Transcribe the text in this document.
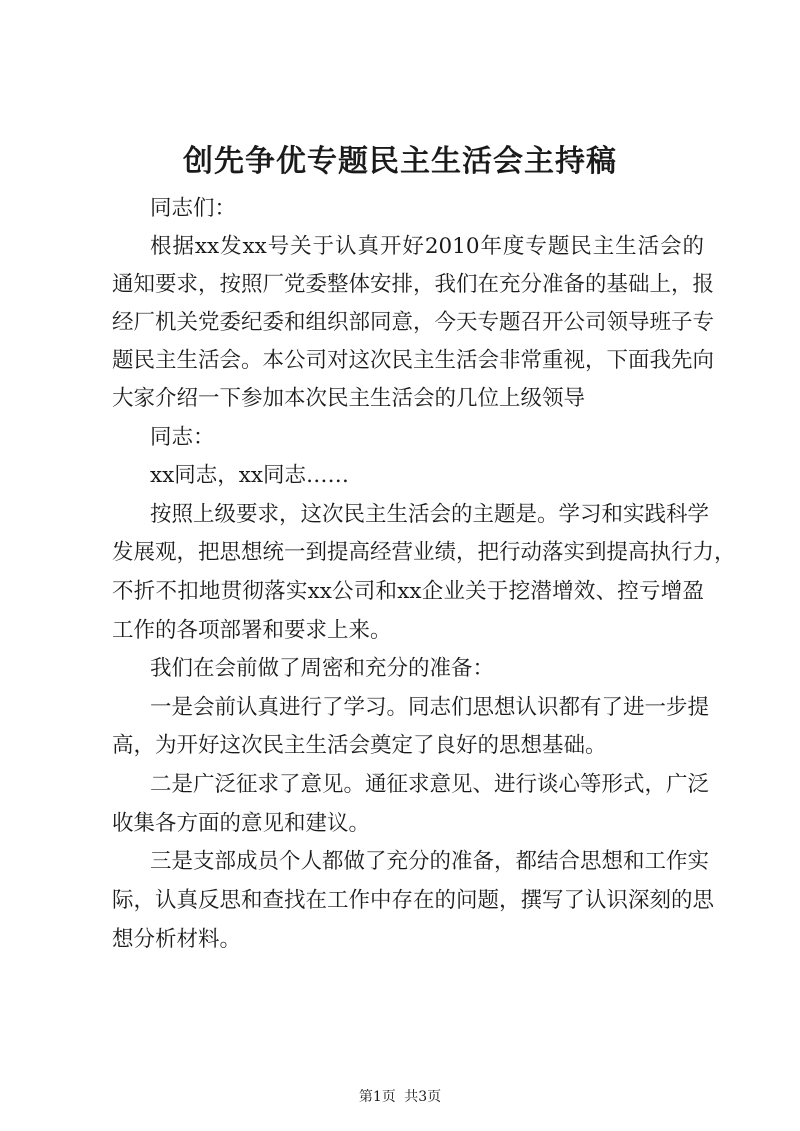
创先争优专题民主生活会主持稿
同志们：
根据xx发xx号关于认真开好2010年度专题民主生活会的
通知要求，按照厂党委整体安排，我们在充分准备的基础上，报
经厂机关党委纪委和组织部同意，今天专题召开公司领导班子专
题民主生活会。本公司对这次民主生活会非常重视，下面我先向
大家介绍一下参加本次民主生活会的几位上级领导
同志：
xx同志，xx同志……
按照上级要求，这次民主生活会的主题是。学习和实践科学
发展观，把思想统一到提高经营业绩，把行动落实到提高执行力，
不折不扣地贯彻落实xx公司和xx企业关于挖潜增效、控亏增盈
工作的各项部署和要求上来。
我们在会前做了周密和充分的准备：
一是会前认真进行了学习。同志们思想认识都有了进一步提
高，为开好这次民主生活会奠定了良好的思想基础。
二是广泛征求了意见。通征求意见、进行谈心等形式，广泛
收集各方面的意见和建议。
三是支部成员个人都做了充分的准备，都结合思想和工作实
际，认真反思和查找在工作中存在的问题，撰写了认识深刻的思
想分析材料。
第1页 共3页
